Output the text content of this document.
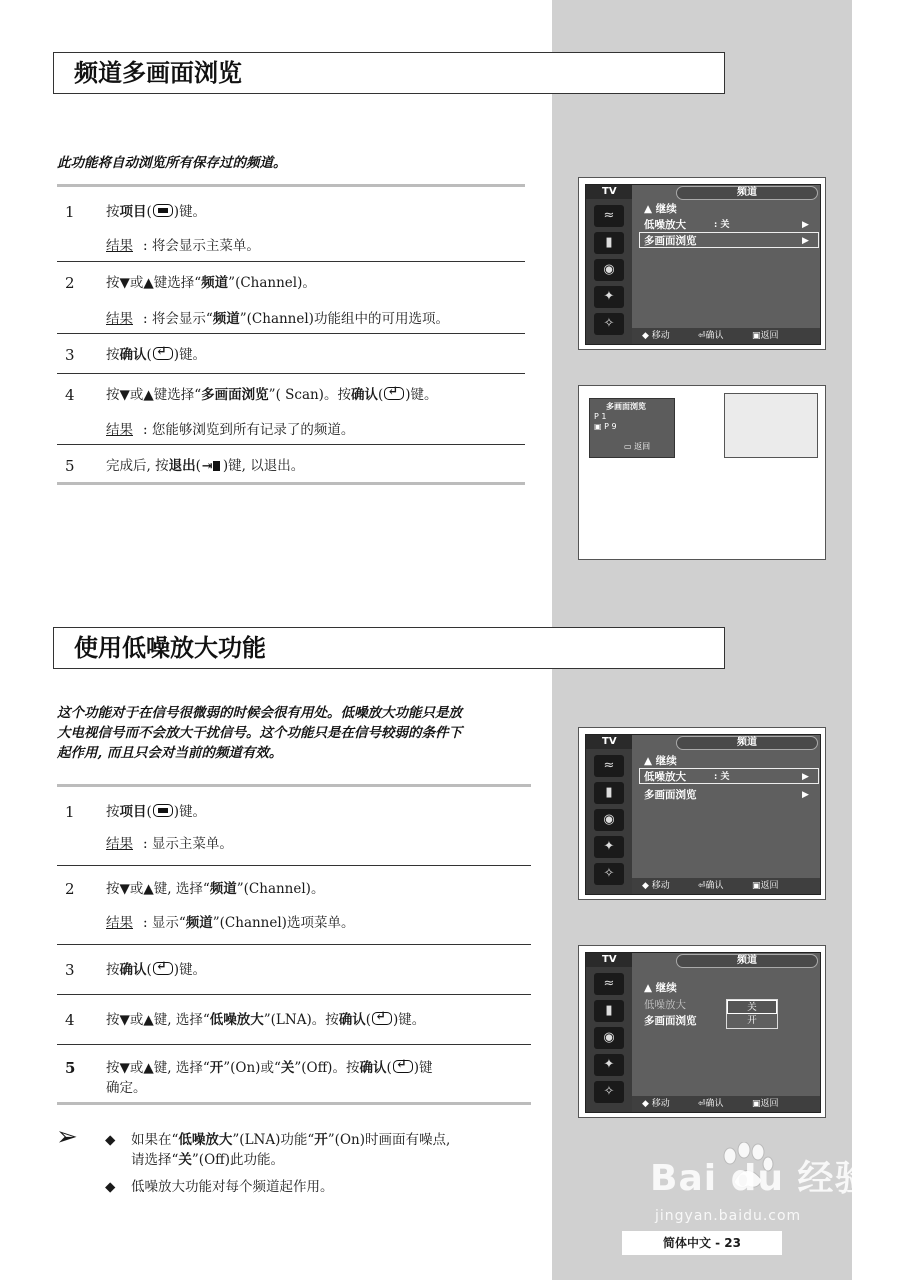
频道多画面浏览
此功能将自动浏览所有保存过的频道。
1 按项目( )键。
结果 : 将会显示主菜单。
2 按▼或▲键选择“频道”(Channel)。
结果 : 将会显示“频道”(Channel)功能组中的可用选项。
3 按确认( ↵ )键。
4 按▼或▲键选择“多画面浏览”( Scan)。按确认( ↵ )键。
结果 : 您能够浏览到所有记录了的频道。
5 完成后, 按退出( ⇥ )键, 以退出。
TV	频道
≈
▮
◉
✦
✧
▲ 继续
低噪放大	: 关	▶
多画面浏览	▶
◆ 移动	⏎ 确认	▣ 返回
多画面浏览
P 1
▣ P 9
▭ 返回
使用低噪放大功能
这个功能对于在信号很微弱的时候会很有用处。低噪放大功能只是放
大电视信号而不会放大干扰信号。这个功能只是在信号较弱的条件下
起作用, 而且只会对当前的频道有效。
1 按项目( )键。
结果 : 显示主菜单。
2 按▼或▲键, 选择“频道”(Channel)。
结果 : 显示“频道”(Channel)选项菜单。
3 按确认( ↵ )键。
4 按▼或▲键, 选择“低噪放大”(LNA)。按确认( ↵ )键。
5 按▼或▲键, 选择“开”(On)或“关”(Off)。按确认( ↵ )键
确定。
➢ ◆ 如果在“低噪放大”(LNA)功能“开”(On)时画面有噪点,
请选择“关”(Off)此功能。
◆ 低噪放大功能对每个频道起作用。
TV	频道
≈
▮
◉
✦
✧
▲ 继续
低噪放大	: 关	▶
多画面浏览	▶
◆ 移动	⏎ 确认	▣ 返回
TV	频道
≈
▮
◉
✦
✧
▲ 继续
低噪放大
多画面浏览
关
开
◆ 移动	⏎ 确认	▣ 返回
Bai du 经验
jingyan.baidu.com
简体中文 - 23
